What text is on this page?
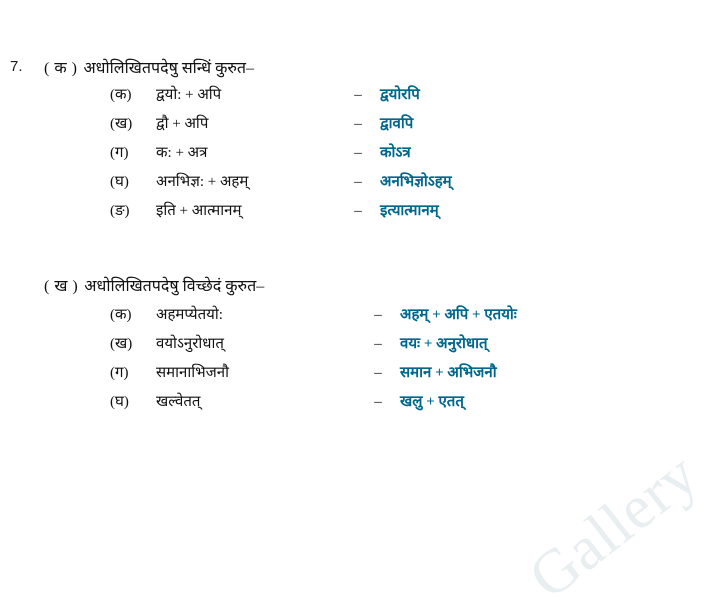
Gallery
7. ( क ) अधोलिखितपदेषु सन्धिं कुरुत–
(क)	द्वयो: + अपि	–	द्वयोरपि
(ख)	द्वौ + अपि	–	द्वावपि
(ग)	क: + अत्र	–	कोऽत्र
(घ)	अनभिज्ञ: + अहम्	–	अनभिज्ञोऽहम्
(ङ)	इति + आत्मानम्	–	इत्यात्मानम्
( ख ) अधोलिखितपदेषु विच्छेदं कुरुत–
(क)	अहमप्येतयो:	–	अहम् + अपि + एतयोः
(ख)	वयोऽनुरोधात्	–	वयः + अनुरोधात्
(ग)	समानाभिजनौ	–	समान + अभिजनौ
(घ)	खल्वेतत्	–	खलु + एतत्
